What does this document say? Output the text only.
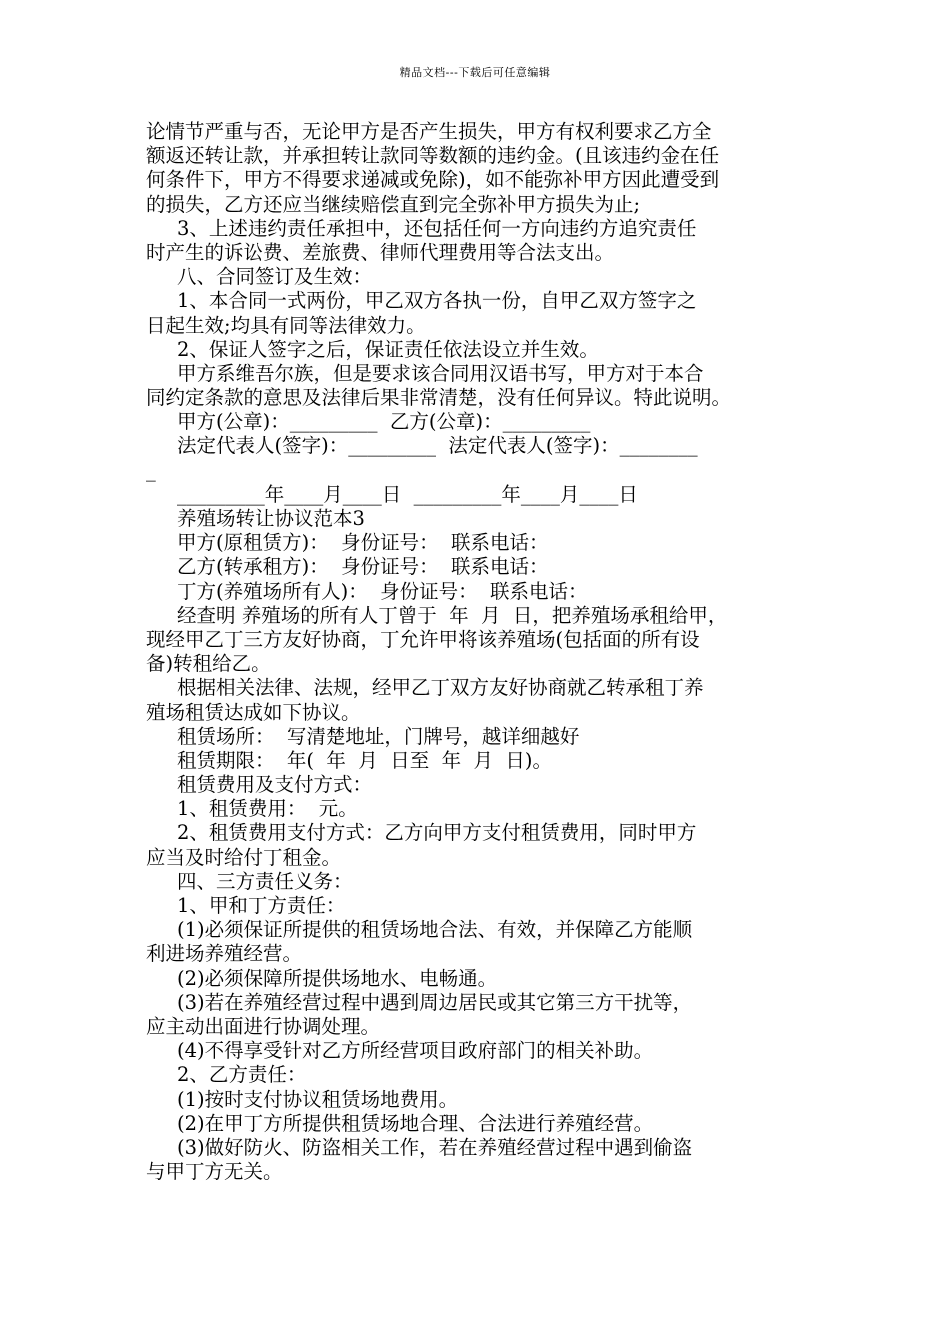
精品文档---下载后可任意编辑
论情节严重与否，无论甲方是否产生损失，甲方有权利要求乙方全
额返还转让款，并承担转让款同等数额的违约金。(且该违约金在任
何条件下，甲方不得要求递减或免除)，如不能弥补甲方因此遭受到
的损失，乙方还应当继续赔偿直到完全弥补甲方损失为止;
3、上述违约责任承担中，还包括任何一方向违约方追究责任
时产生的诉讼费、差旅费、律师代理费用等合法支出。
八、合同签订及生效：
1、本合同一式两份，甲乙双方各执一份，自甲乙双方签字之
日起生效;均具有同等法律效力。
2、保证人签字之后，保证责任依法设立并生效。
甲方系维吾尔族，但是要求该合同用汉语书写，甲方对于本合
同约定条款的意思及法律后果非常清楚，没有任何异议。特此说明。
甲方(公章)：_________  乙方(公章)：_________
法定代表人(签字)：_________  法定代表人(签字)：________
_
_________年____月____日  _________年____月____日
养殖场转让协议范本3
甲方(原租赁方)：  身份证号：  联系电话：
乙方(转承租方)：  身份证号：  联系电话：
丁方(养殖场所有人)：  身份证号：  联系电话：
经查明 养殖场的所有人丁曾于  年  月  日，把养殖场承租给甲，
现经甲乙丁三方友好协商，丁允许甲将该养殖场(包括面的所有设
备)转租给乙。
根据相关法律、法规，经甲乙丁双方友好协商就乙转承租丁养
殖场租赁达成如下协议。
租赁场所：  写清楚地址，门牌号，越详细越好
租赁期限：  年(  年  月  日至  年  月  日)。
租赁费用及支付方式：
1、租赁费用：  元。
2、租赁费用支付方式：乙方向甲方支付租赁费用，同时甲方
应当及时给付丁租金。
四、三方责任义务：
1、甲和丁方责任：
(1)必须保证所提供的租赁场地合法、有效，并保障乙方能顺
利进场养殖经营。
(2)必须保障所提供场地水、电畅通。
(3)若在养殖经营过程中遇到周边居民或其它第三方干扰等，
应主动出面进行协调处理。
(4)不得享受针对乙方所经营项目政府部门的相关补助。
2、乙方责任：
(1)按时支付协议租赁场地费用。
(2)在甲丁方所提供租赁场地合理、合法进行养殖经营。
(3)做好防火、防盗相关工作，若在养殖经营过程中遇到偷盗
与甲丁方无关。
